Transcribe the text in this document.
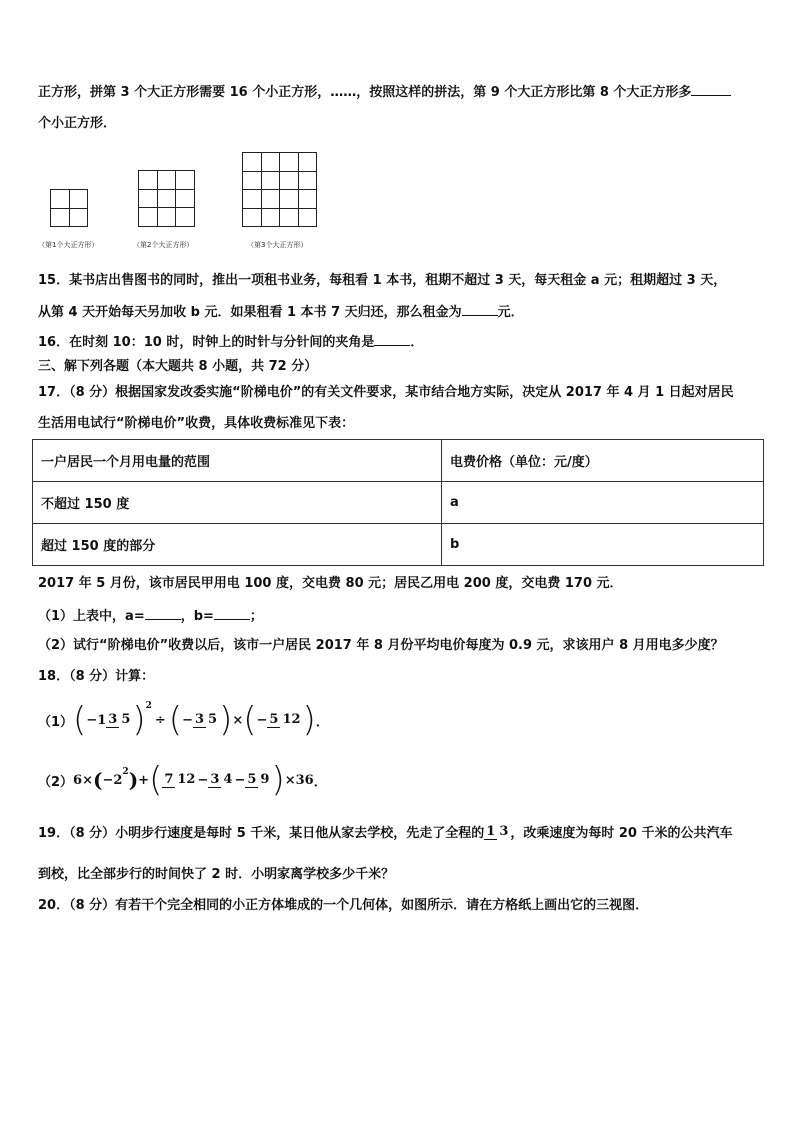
正方形，拼第 3 个大正方形需要 16 个小正方形，……，按照这样的拼法，第 9 个大正方形比第 8 个大正方形多
个小正方形．

（第1个大正方形）	（第2个大正方形）	（第3个大正方形）
15．某书店出售图书的同时，推出一项租书业务，每租看 1 本书，租期不超过 3 天，每天租金 a 元；租期超过 3 天，
从第 4 天开始每天另加收 b 元．如果租看 1 本书 7 天归还，那么租金为	元．
16．在时刻 10：10 时，时钟上的时针与分针间的夹角是	．
三、解下列各题（本大题共 8 小题，共 72 分）
17．（8 分）根据国家发改委实施“阶梯电价”的有关文件要求，某市结合地方实际，决定从 2017 年 4 月 1 日起对居民
生活用电试行“阶梯电价”收费，具体收费标准见下表：
一户居民一个月用电量的范围	电费价格（单位：元/度）
不超过 150 度	a
超过 150 度的部分	b
2017 年 5 月份，该市居民甲用电 100 度，交电费 80 元；居民乙用电 200 度，交电费 170 元．
（1）上表中，a=	，b=	；
（2）试行“阶梯电价”收费以后，该市一户居民 2017 年 8 月份平均电价每度为 0.9 元，求该用户 8 月用电多少度？
18．（8 分）计算：
（1） ( −1 3 5 ) 2
÷ ( − 3 5 ) × ( − 5 12 ) ．
（2） 6× ( −2
2 ) + ( 7 12 − 3 4 − 5 9 ) ×36 ．
19．（8 分）小明步行速度是每时 5 千米，某日他从家去学校，先走了全程的 1 3 ，改乘速度为每时 20 千米的公共汽车
到校，比全部步行的时间快了 2 时．小明家离学校多少千米？
20．（8 分）有若干个完全相同的小正方体堆成的一个几何体，如图所示．请在方格纸上画出它的三视图．
